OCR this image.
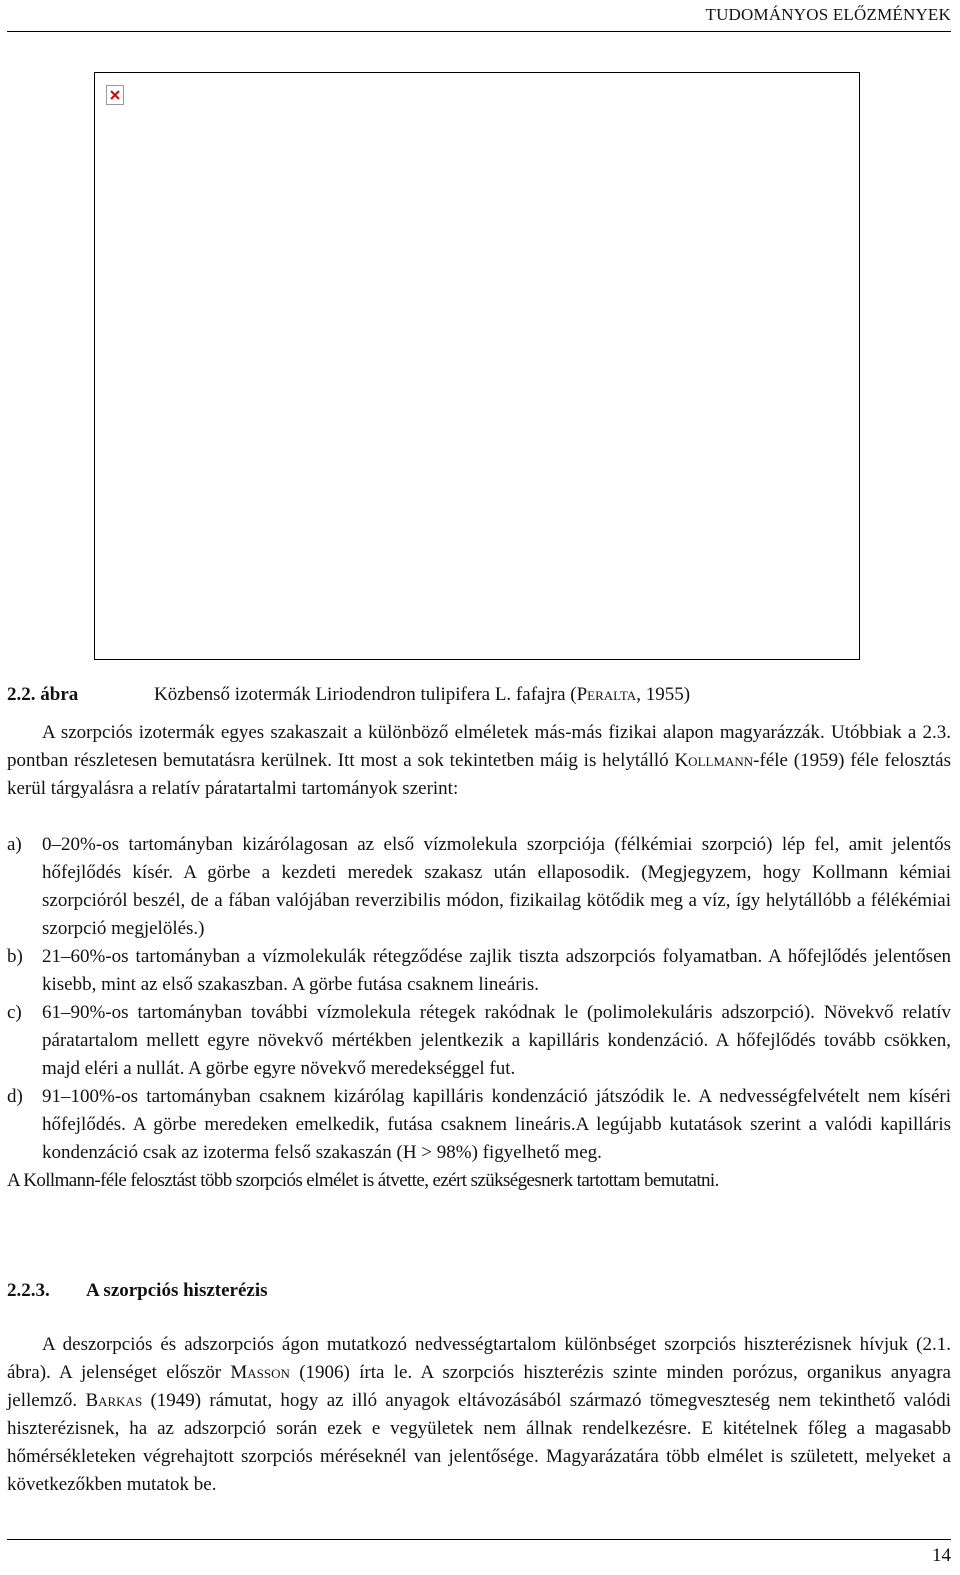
TUDOMÁNYOS ELŐZMÉNYEK
2.2. ábra	Közbenső izotermák Liriodendron tulipifera L. fafajra (Peralta, 1955)
A szorpciós izotermák egyes szakaszait a különböző elméletek más-más fizikai alapon magyarázzák. Utóbbiak a 2.3. pontban részletesen bemutatásra kerülnek. Itt most a sok tekintetben máig is helytálló Kollmann-féle (1959) féle felosztás kerül tárgyalásra a relatív páratartalmi tartományok szerint:
a) 0–20%-os tartományban kizárólagosan az első vízmolekula szorpciója (félkémiai szorpció) lép fel, amit jelentős hőfejlődés kísér. A görbe a kezdeti meredek szakasz után ellaposodik. (Megjegyzem, hogy Kollmann kémiai szorpcióról beszél, de a fában valójában reverzibilis módon, fizikailag kötődik meg a víz, így helytállóbb a félékémiai szorpció megjelölés.)
b) 21–60%-os tartományban a vízmolekulák rétegződése zajlik tiszta adszorpciós folyamatban. A hőfejlődés jelentősen kisebb, mint az első szakaszban. A görbe futása csaknem lineáris.
c) 61–90%-os tartományban további vízmolekula rétegek rakódnak le (polimolekuláris adszorpció). Növekvő relatív páratartalom mellett egyre növekvő mértékben jelentkezik a kapilláris kondenzáció. A hőfejlődés tovább csökken, majd eléri a nullát. A görbe egyre növekvő meredekséggel fut.
d) 91–100%-os tartományban csaknem kizárólag kapilláris kondenzáció játszódik le. A nedvességfelvételt nem kíséri hőfejlődés. A görbe meredeken emelkedik, futása csaknem lineáris.A legújabb kutatások szerint a valódi kapilláris kondenzáció csak az izoterma felső szakaszán (H > 98%) figyelhető meg.
A Kollmann-féle felosztást több szorpciós elmélet is átvette, ezért szükségesnerk tartottam bemutatni.
2.2.3. A szorpciós hiszterézis
A deszorpciós és adszorpciós ágon mutatkozó nedvességtartalom különbséget szorpciós hiszterézisnek hívjuk (2.1. ábra). A jelenséget először Masson (1906) írta le. A szorpciós hiszterézis szinte minden porózus, organikus anyagra jellemző. Barkas (1949) rámutat, hogy az illó anyagok eltávozásából származó tömegveszteség nem tekinthető valódi hiszterézisnek, ha az adszorpció során ezek e vegyületek nem állnak rendelkezésre. E kitételnek főleg a magasabb hőmérsékleteken végrehajtott szorpciós méréseknél van jelentősége. Magyarázatára több elmélet is született, melyeket a következőkben mutatok be.
14
